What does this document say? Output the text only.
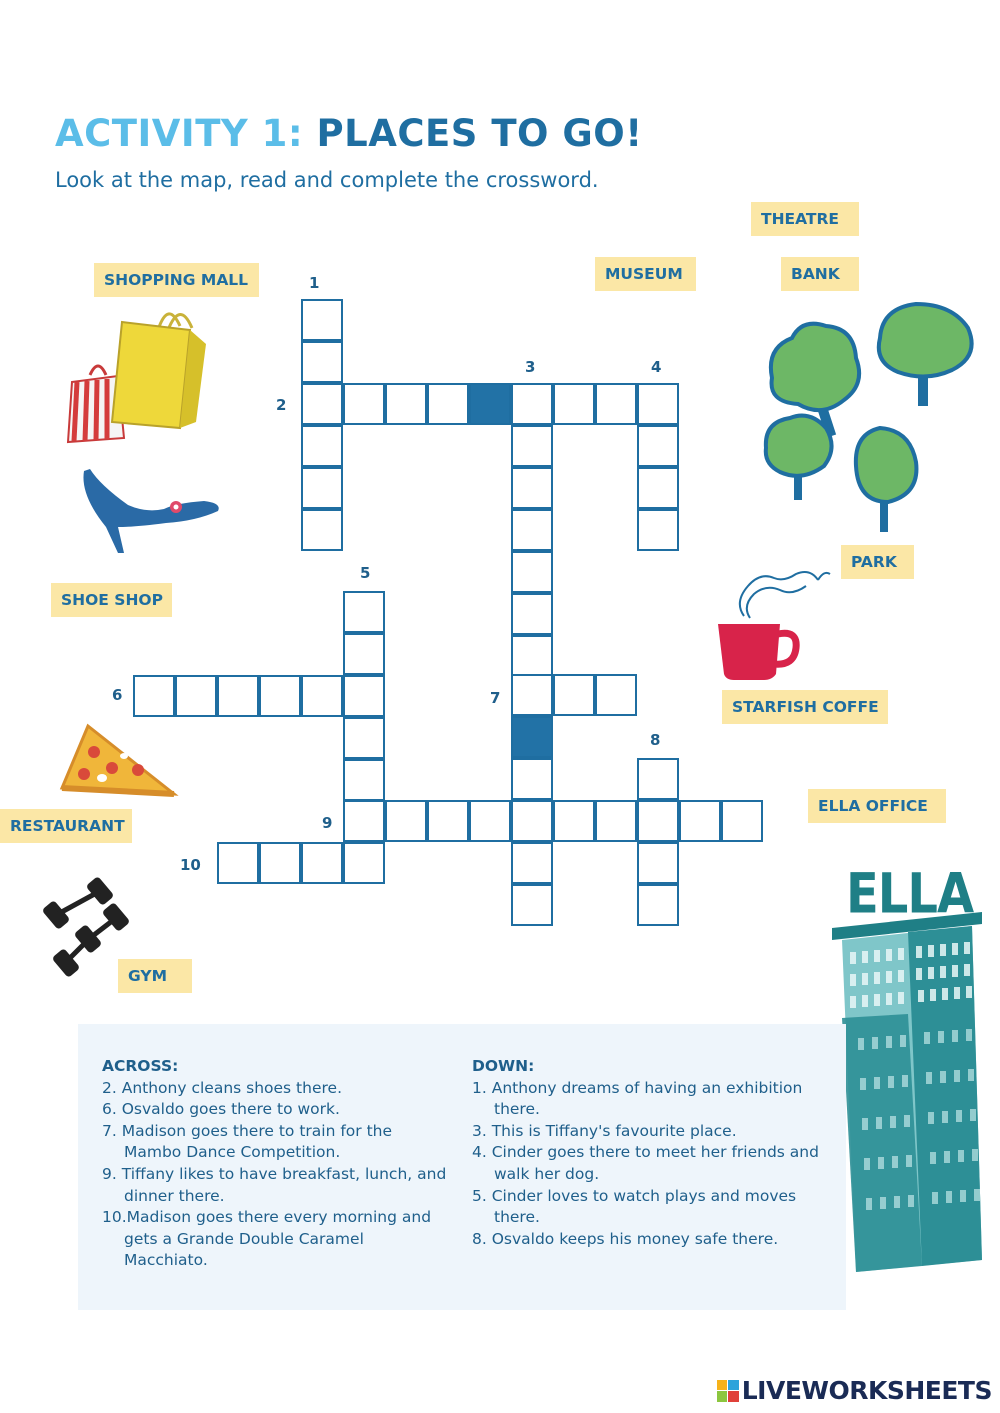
ACTIVITY 1: PLACES TO GO!
Look at the map, read and complete the crossword.
THEATRE
MUSEUM	BANK
SHOPPING MALL
PARK
SHOE SHOP
STARFISH COFFE
ELLA OFFICE
RESTAURANT
GYM
ELLA
1
2
3	4
5
6	7
8
9
10
ACROSS:
2. Anthony cleans shoes there.
6. Osvaldo goes there to work.
7. Madison goes there to train for the Mambo Dance Competition.
9. Tiffany likes to have breakfast, lunch, and dinner there.
10.Madison goes there every morning and gets a Grande Double Caramel Macchiato.
DOWN:
1. Anthony dreams of having an exhibition there.
3. This is Tiffany's favourite place.
4. Cinder goes there to meet her friends and walk her dog.
5. Cinder loves to watch plays and moves there.
8. Osvaldo keeps his money safe there.
LIVEWORKSHEETS
